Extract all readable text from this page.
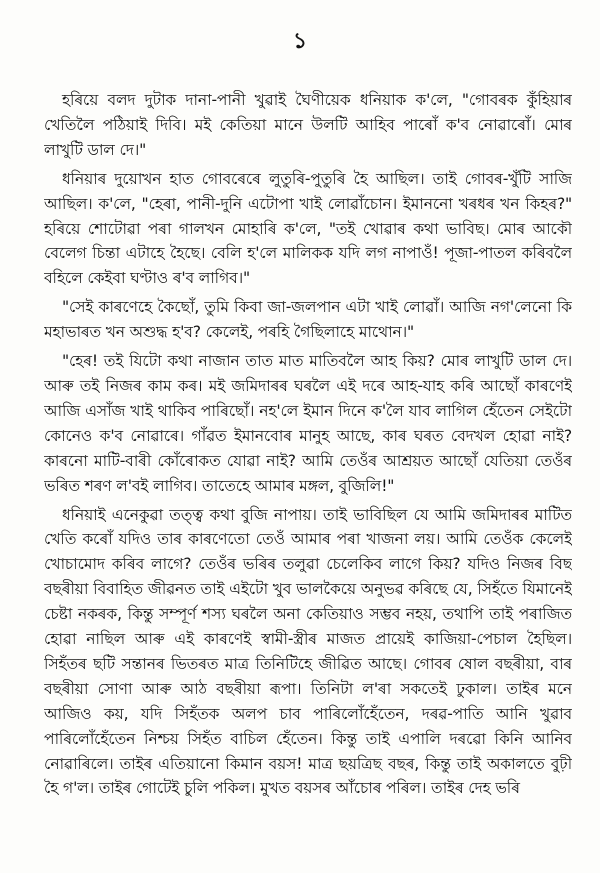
১

হৰিয়ে বলদ দুটাক দানা-পানী খুৱাই ঘৈণীয়েক ধনিয়াক ক'লে, "গোবৰক কুঁহিয়াৰ খেতিলৈ পঠিয়াই দিবি। মই কেতিয়া মানে উলটি আহিব পাৰোঁ ক'ব নোৱাৰোঁ। মোৰ লাখুটি ডাল দে।"

ধনিয়াৰ দুয়োখন হাত গোবৰেৰে লুতুৰি-পুতুৰি হৈ আছিল। তাই গোবৰ-খুঁটি সাজি আছিল। ক'লে, "হেৰা, পানী-দুনি এটোপা খাই লোৱাঁচোন। ইমাননো খৰধৰ খন কিহৰ?" হৰিয়ে শোটোৱা পৰা গালখন মোহাৰি ক'লে, "তই খোৱাৰ কথা ভাবিছ। মোৰ আকৌ বেলেগ চিন্তা এটাহে হৈছে। বেলি হ'লে মালিকক যদি লগ নাপাওঁ! পূজা-পাতল কৰিবলৈ বহিলে কেইবা ঘণ্টাও ৰ'ব লাগিব।"

"সেই কাৰণেহে কৈছোঁ, তুমি কিবা জা-জলপান এটা খাই লোৱাঁ। আজি নগ'লেনো কি মহাভাৰত খন অশুদ্ধ হ'ব? কেলেই, পৰহি গৈছিলাহে মাথোন।"

"হেৰ! তই যিটো কথা নাজান তাত মাত মাতিবলৈ আহ কিয়? মোৰ লাখুটি ডাল দে। আৰু তই নিজৰ কাম কৰ। মই জমিদাৰৰ ঘৰলৈ এই দৰে আহ-যাহ কৰি আছোঁ কাৰণেই আজি এসাঁজ খাই থাকিব পাৰিছোঁ। নহ'লে ইমান দিনে ক'লৈ যাব লাগিল হেঁতেন সেইটো কোনেও ক'ব নোৱাৰে। গাঁৱত ইমানবোৰ মানুহ আছে, কাৰ ঘৰত বেদখল হোৱা নাই? কাৰনো মাটি-বাৰী কোঁৰোকত যোৱা নাই? আমি তেওঁৰ আশ্ৰয়ত আছোঁ যেতিয়া তেওঁৰ ভৰিত শৰণ ল'বই লাগিব। তাতেহে আমাৰ মঙ্গল, বুজিলি!"

ধনিয়াই এনেকুৱা তত্ত্ব কথা বুজি নাপায়। তাই ভাবিছিল যে আমি জমিদাৰৰ মাটিত খেতি কৰোঁ যদিও তাৰ কাৰণেতো তেওঁ আমাৰ পৰা খাজনা লয়। আমি তেওঁক কেলেই খোচামোদ কৰিব লাগে? তেওঁৰ ভৰিৰ তলুৱা চেলেকিব লাগে কিয়? যদিও নিজৰ বিছ বছৰীয়া বিবাহিত জীৱনত তাই এইটো খুব ভালকৈয়ে অনুভৱ কৰিছে যে, সিহঁতে যিমানেই চেষ্টা নকৰক, কিন্তু সম্পূৰ্ণ শস্য ঘৰলৈ অনা কেতিয়াও সম্ভব নহয়, তথাপি তাই পৰাজিত হোৱা নাছিল আৰু এই কাৰণেই স্বামী-স্ত্ৰীৰ মাজত প্ৰায়েই কাজিয়া-পেচাল হৈছিল। সিহঁতৰ ছটি সন্তানৰ ভিতৰত মাত্ৰ তিনিটিহে জীৱিত আছে। গোবৰ ষোল বছৰীয়া, বাৰ বছৰীয়া সোণা আৰু আঠ বছৰীয়া ৰূপা। তিনিটা ল'ৰা সকতেই ঢুকাল। তাইৰ মনে আজিও কয়, যদি সিহঁতক অলপ চাব পাৰিলোঁহেঁতেন, দৰৱ-পাতি আনি খুৱাব পাৰিলোঁহেঁতেন নিশ্চয় সিহঁত বাচিল হেঁতেন। কিন্তু তাই এপালি দৰৱো কিনি আনিব নোৱাৰিলে। তাইৰ এতিয়ানো কিমান বয়স! মাত্ৰ ছয়ত্ৰিছ বছৰ, কিন্তু তাই অকালতে বুঢ়ী হৈ গ'ল। তাইৰ গোটেই চুলি পকিল। মুখত বয়সৰ আঁচোৰ পৰিল। তাইৰ দেহ ভৰি
